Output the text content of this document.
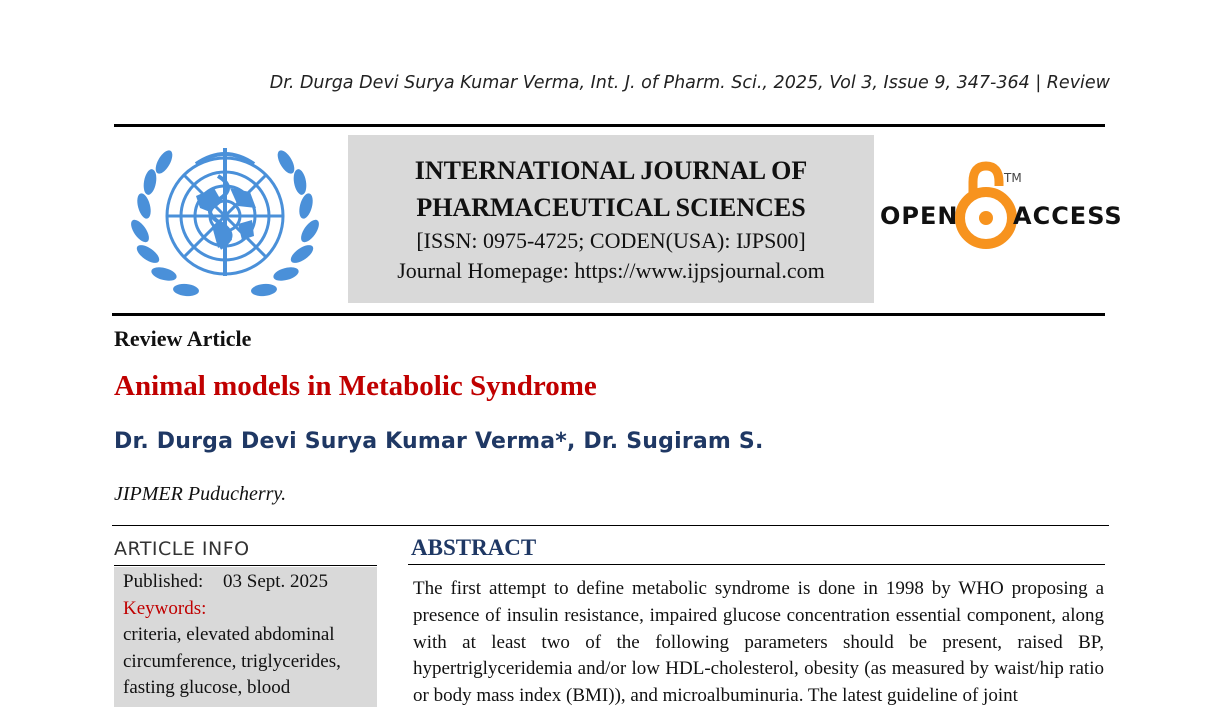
Dr. Durga Devi Surya Kumar Verma, Int. J. of Pharm. Sci., 2025, Vol 3, Issue 9, 347-364 | Review
INTERNATIONAL JOURNAL OF
PHARMACEUTICAL SCIENCES
[ISSN: 0975-4725; CODEN(USA): IJPS00]
Journal Homepage: https://www.ijpsjournal.com
OPEN
TM
ACCESS
Review Article
Animal models in Metabolic Syndrome
Dr. Durga Devi Surya Kumar Verma*, Dr. Sugiram S.
JIPMER Puducherry.
ARTICLE INFO
Published: 03 Sept. 2025
Keywords:
criteria, elevated abdominal
circumference, triglycerides,
fasting glucose, blood
ABSTRACT
The first attempt to define metabolic syndrome is done in 1998 by WHO proposing a presence of insulin resistance, impaired glucose concentration essential component, along with at least two of the following parameters should be present, raised BP, hypertriglyceridemia and/or low HDL-cholesterol, obesity (as measured by waist/hip ratio or body mass index (BMI)), and microalbuminuria. The latest guideline of joint
